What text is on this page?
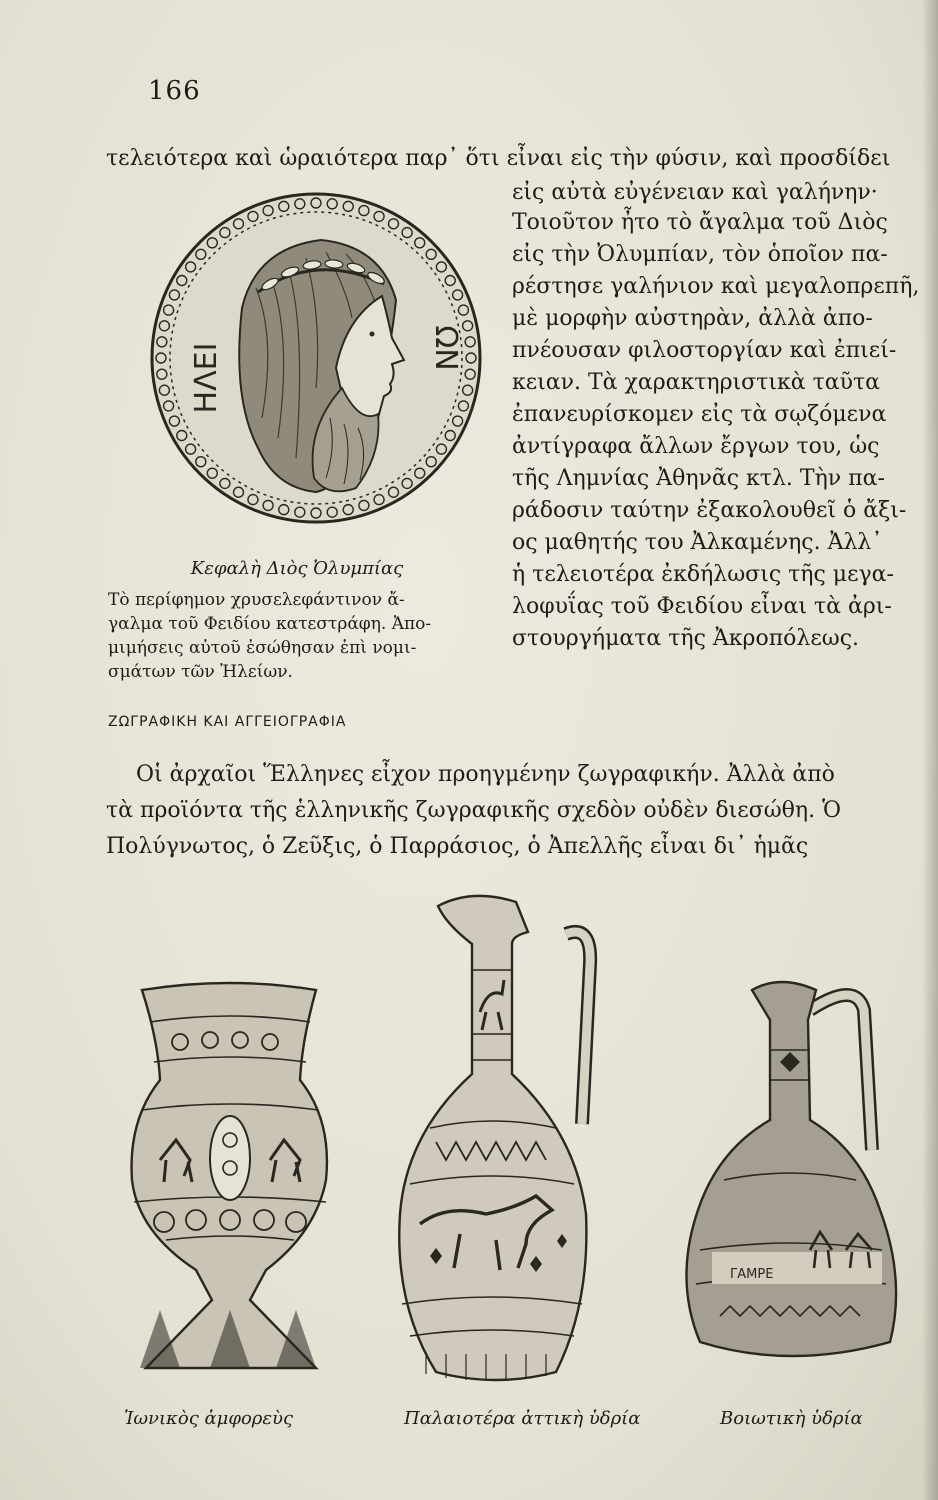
166
τελειότερα καὶ ὡραιότερα παρ᾽ ὅτι εἶναι εἰς τὴν φύσιν, καὶ προσδίδει
εἰς αὐτὰ εὐγένειαν καὶ γαλήνην·
Τοιοῦτον ἦτο τὸ ἄγαλμα τοῦ Διὸς
εἰς τὴν Ὀλυμπίαν, τὸν ὁποῖον πα-
ρέστησε γαλήνιον καὶ μεγαλοπρεπῆ,
μὲ μορφὴν αὐστηρὰν, ἀλλὰ ἀπο-
πνέουσαν φιλοστοργίαν καὶ ἐπιεί-
κειαν. Τὰ χαρακτηριστικὰ ταῦτα
ἐπανευρίσκομεν εἰς τὰ σῳζόμενα
ἀντίγραφα ἄλλων ἔργων του, ὡς
τῆς Λημνίας Ἀθηνᾶς κτλ. Τὴν πα-
ράδοσιν ταύτην ἐξακολουθεῖ ὁ ἄξι-
ος μαθητής του Ἀλκαμένης. Ἀλλ᾽
ἡ τελειοτέρα ἐκδήλωσις τῆς μεγα-
λοφυΐας τοῦ Φειδίου εἶναι τὰ ἀρι-
στουργήματα τῆς Ἀκροπόλεως.
ΗΛΕΙ	ΩΝ
Κεφαλὴ Διὸς Ὀλυμπίας
Τὸ περίφημον χρυσελεφάντινον ἄ-
γαλμα τοῦ Φειδίου κατεστράφη. Ἀπο-
μιμήσεις αὐτοῦ ἐσώθησαν ἐπὶ νομι-
σμάτων τῶν Ἠλείων.
ΖΩΓΡΑΦΙΚΗ ΚΑΙ ΑΓΓΕΙΟΓΡΑΦΙΑ
Οἱ ἀρχαῖοι Ἕλληνες εἶχον προηγμένην ζωγραφικήν. Ἀλλὰ ἀπὸ
τὰ προϊόντα τῆς ἑλληνικῆς ζωγραφικῆς σχεδὸν οὐδὲν διεσώθη. Ὁ
Πολύγνωτος, ὁ Ζεῦξις, ὁ Παρράσιος, ὁ Ἀπελλῆς εἶναι δι᾽ ἡμᾶς
ΓΑΜΡΕ
Ἰωνικὸς ἀμφορεὺς	Παλαιοτέρα ἀττικὴ ὑδρία	Βοιωτικὴ ὑδρία
